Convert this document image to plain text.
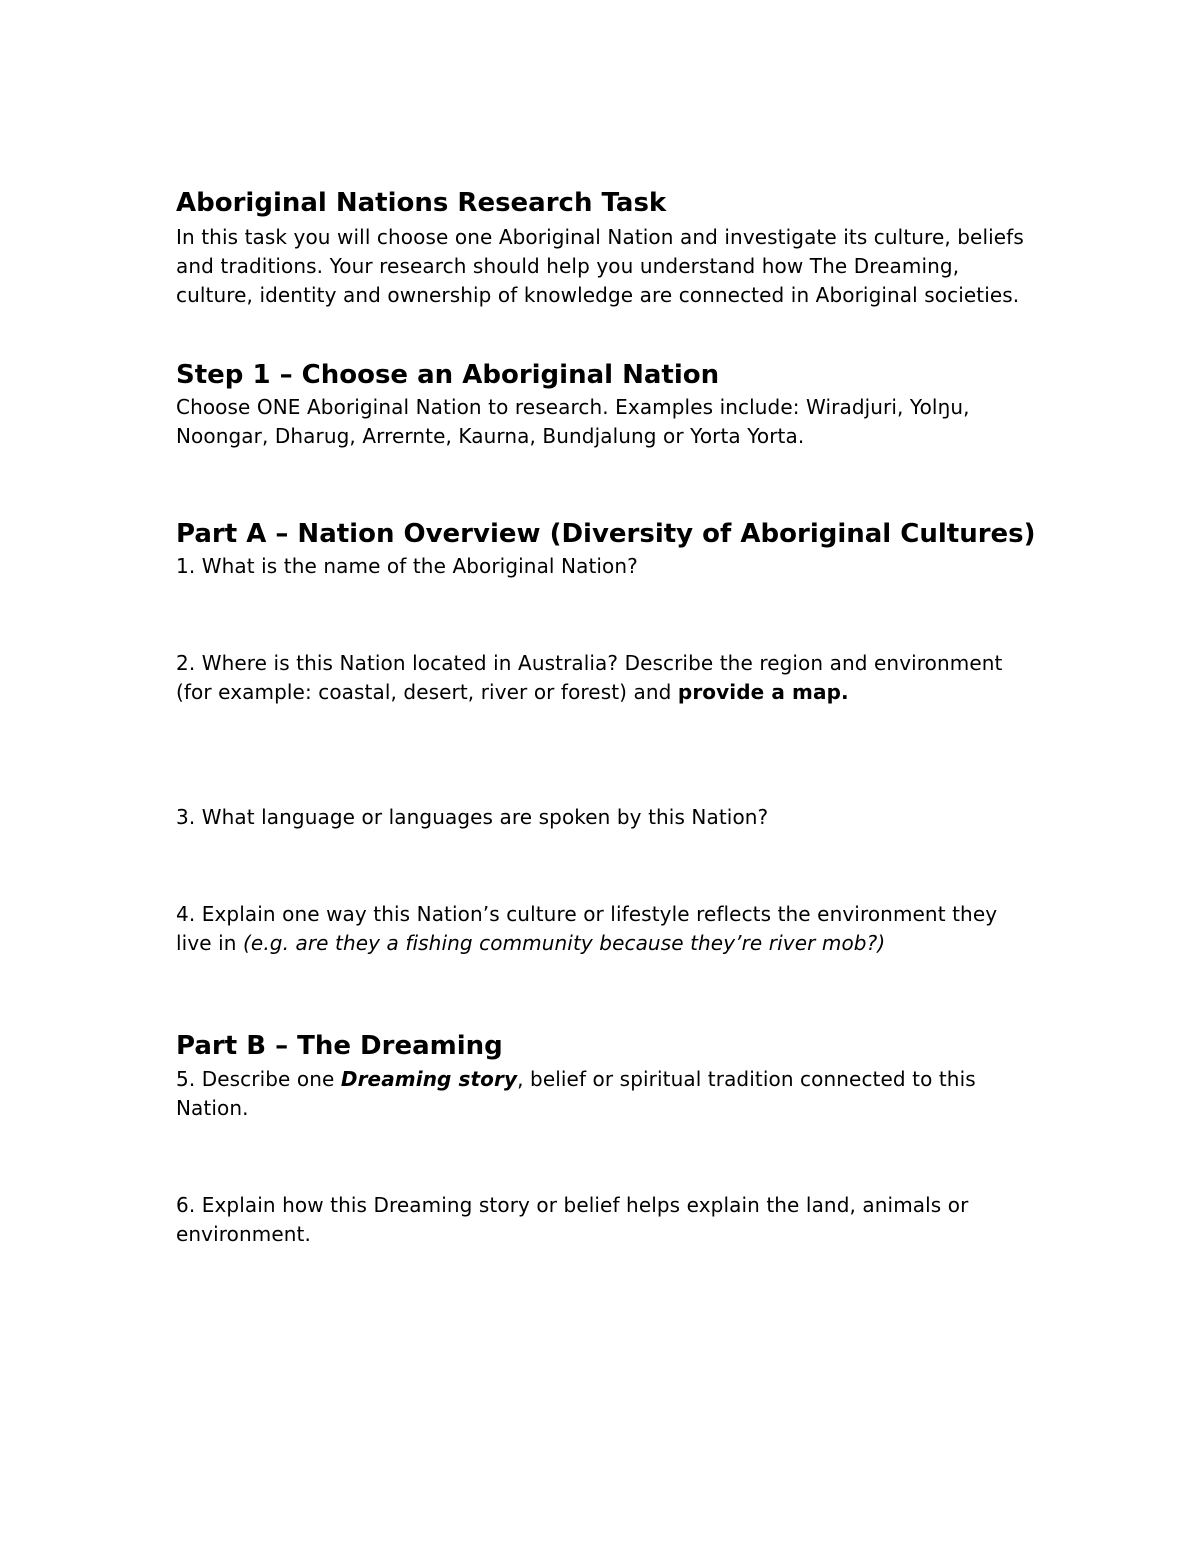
Aboriginal Nations Research Task

In this task you will choose one Aboriginal Nation and investigate its culture, beliefs and traditions. Your research should help you understand how The Dreaming, culture, identity and ownership of knowledge are connected in Aboriginal societies.

Step 1 – Choose an Aboriginal Nation

Choose ONE Aboriginal Nation to research. Examples include: Wiradjuri, Yolŋu, Noongar, Dharug, Arrernte, Kaurna, Bundjalung or Yorta Yorta.

Part A – Nation Overview (Diversity of Aboriginal Cultures)

1. What is the name of the Aboriginal Nation?

2. Where is this Nation located in Australia? Describe the region and environment (for example: coastal, desert, river or forest) and provide a map.

3. What language or languages are spoken by this Nation?

4. Explain one way this Nation’s culture or lifestyle reflects the environment they live in (e.g. are they a fishing community because they’re river mob?)

Part B – The Dreaming

5. Describe one Dreaming story, belief or spiritual tradition connected to this Nation.

6. Explain how this Dreaming story or belief helps explain the land, animals or environment.
